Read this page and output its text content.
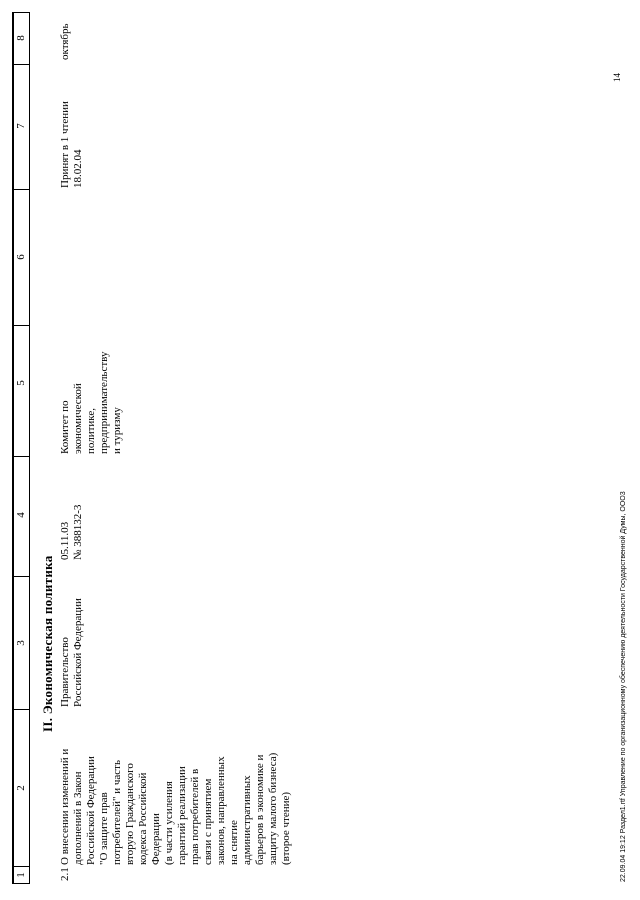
1
2
3
4
5
6
7
8
II. Экономическая политика
2.1
О внесении изменений и дополнений в Закон Российской Федерации "О защите прав потребителей" и часть вторую Гражданского кодекса Российской Федерации (в части усиления гарантий реализации прав потребителей в связи с принятием законов, направленных на снятие административных барьеров в экономике и защиту малого бизнеса) (второе чтение)
Правительство Российской Федерации
05.11.03 № 388132-3
Комитет по экономической политике, предпринимательству и туризму
Принят в 1 чтении 18.02.04
октябрь
22.09.04 19:12 Раздел1.rtf Управление по организационному обеспечению деятельности Государственной Думы, ООО3
14
